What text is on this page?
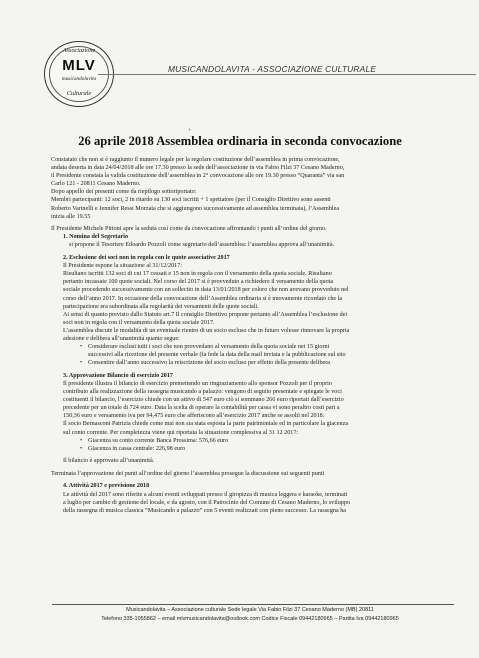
Associazione
MLV
musicandolavita
Culturale
MUSICANDOLAVITA - ASSOCIAZIONE CULTURALE
+
26 aprile 2018 Assemblea ordinaria in seconda convocazione

Constatato che non si è raggiunto il numero legale per la regolare costituzione dell’assemblea in prima convocazione,

andata deserta in data 24/04/2018 alle ore 17.30 presso la sede dell’associazione in via Fabio Filzi 37 Cesano Maderno,

il Presidente constata la valida costituzione dell’assemblea in 2° convocazione alle ore 19.30 presso “Quaranta” via san

Carlo 121 - 20811 Cesano Maderno.

Dopo appello dei presenti come da riepilogo sottoriportato:

Membri partecipanti: 12 soci, 2 in ritardo su 130 soci iscritti + 1 spettatore (per il Consiglio Direttivo sono assenti

Roberto Varinelli e Jennifer Ressi Morzata che si aggiungono successivamente ad assemblea terminata), l’Assemblea

inizia alle 19.55

Il Presidente Michele Pittoni apre la seduta così come da convocazione affrontando i punti all’ordine del giorno.

1. Nomina del Segretario

si propone il Tesoriere Edoardo Pozzoli come segretario dell’assemblea: l’assemblea approva all’unanimità.

2. Esclusione dei soci non in regola con le quote associative 2017

Il Presidente espone la situazione al 31/12/2017:

Risultano iscritti 132 soci di cui 17 cessati e 15 non in regola con il versamento della quota sociale. Risultano

pertanto incassate 100 quote sociali. Nel corso del 2017 si è provveduto a richiedere il versamento della quota

sociale procedendo successivamente con un sollecito in data 13/01/2018 per coloro che non avevano provveduto nel

corso dell’anno 2017. In occasione della convocazione dell’Assemblea ordinaria si è nuovamente ricordato che la

partecipazione era subordinata alla regolarità dei versamenti delle quote sociali.

Ai sensi di quanto previsto dallo Statuto art.7 Il consiglio Direttivo propone pertanto all’Assemblea l’esclusione dei

soci non in regola con il versamento della quota sociale 2017.

L’assemblea discute le modalità di un eventuale rientro di un socio escluso che in futuro volesse rinnovare la propria

adesione e delibera all’unanimità quanto segue:

• Considerare esclusi tutti i soci che non provvedano al versamento della quota sociale nei 15 giorni
successivi alla ricezione del presente verbale (fa fede la data della mail inviata e la pubblicazione sul sito
• Consentire dall’anno successivo la reiscrizione del socio escluso per effetto della presente delibera

3. Approvazione Bilancio di esercizio 2017

Il presidente illustra il bilancio di esercizio premettendo un ringraziamento allo sponsor Pozzoli per il proprio

contributo alla realizzazione della rassegna musicando a palazzo: vengono di seguito presentate e spiegate le voci

costituenti il bilancio, l’esercizio chiude con un attivo di 547 euro ciò si sommano 266 euro riportati dall’esercizio

precedente per un totale di 724 euro. Data la scelta di operare la contabilità per cassa vi sono peraltro costi pari a

150,36 euro e versamento iva per 94,475 euro che afferiscono all’esercizio 2017 anche se assolti nel 2018.

Il socio Bernasconi Patrizia chiede come mai non sia stata esposta la parte patrimoniale ed in particolare la giacenza

sul conto corrente. Per completezza viene qui riportata la situazione complessiva al 31 12 2017:

• Giacenza su conto corrente Banca Prossima: 576,66 euro
• Giacenza in cassa centrale: 226,98 euro

Il bilancio è approvato all’unanimità.

Terminata l’approvazione dei punti all’ordine del giorno l’assemblea prosegue la discussione sui seguenti punti

4. Attività 2017 e previsione 2018

Le attività del 2017 sono riferite a alcuni eventi sviluppati presso il giropizza di musica leggera e karaoke, terminati

a luglio per cambio di gestione del locale, e da agosto, con il Patrocinio del Comune di Cesano Maderno, lo sviluppo

della rassegna di musica classica “Musicando a palazzo” con 5 eventi realizzati con pieno successo. La rassegna ha

Musicandolavita – Associazione culturale Sede legale Via Fabio Filzi 37 Cesano Maderno (MB) 20811
Telefono 335-1055862 – email mlvmusicandolavita@outlook.com Codice Fiscale 09442180965 – Partita Iva 09442180965
